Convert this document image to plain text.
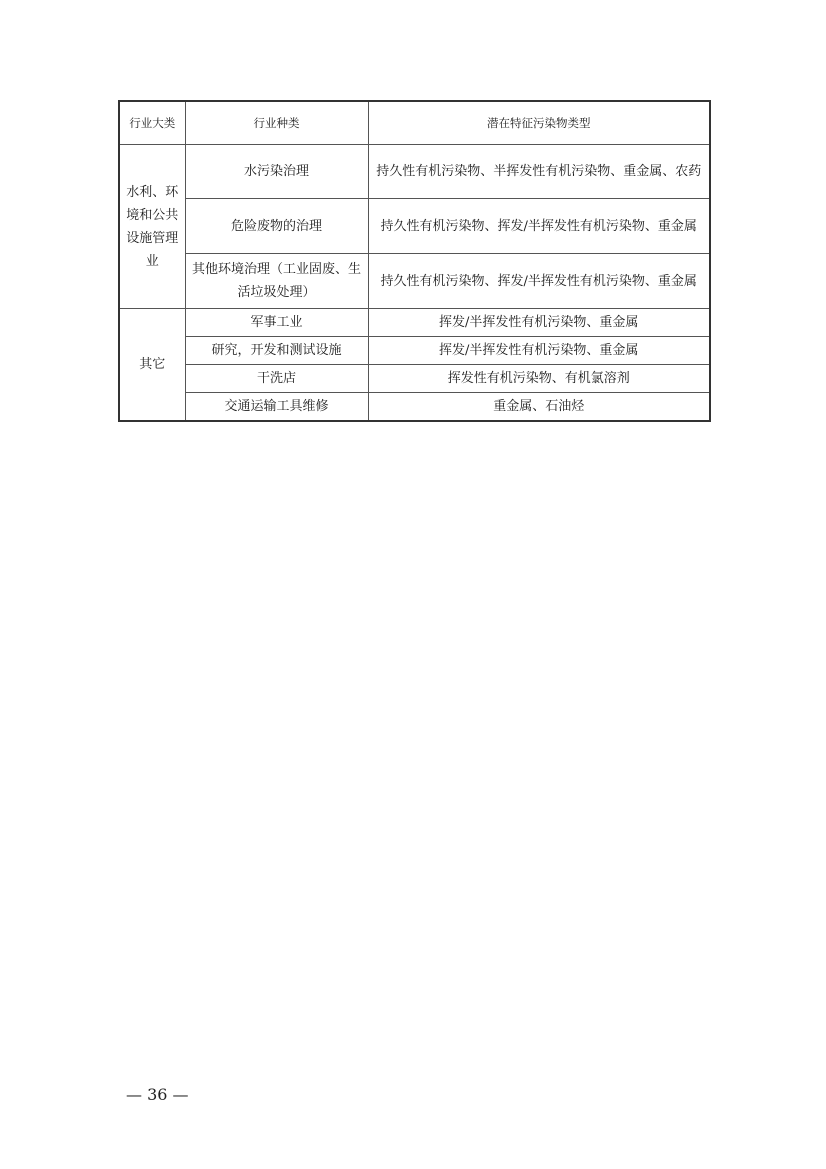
行业大类	行业种类	潜在特征污染物类型
水利、环境和公共设施管理业	水污染治理	持久性有机污染物、半挥发性有机污染物、重金属、农药
	危险废物的治理	持久性有机污染物、挥发/半挥发性有机污染物、重金属
	其他环境治理（工业固废、生活垃圾处理）	持久性有机污染物、挥发/半挥发性有机污染物、重金属
其它	军事工业	挥发/半挥发性有机污染物、重金属
	研究，开发和测试设施	挥发/半挥发性有机污染物、重金属
	干洗店	挥发性有机污染物、有机氯溶剂
	交通运输工具维修	重金属、石油烃
— 36 —
